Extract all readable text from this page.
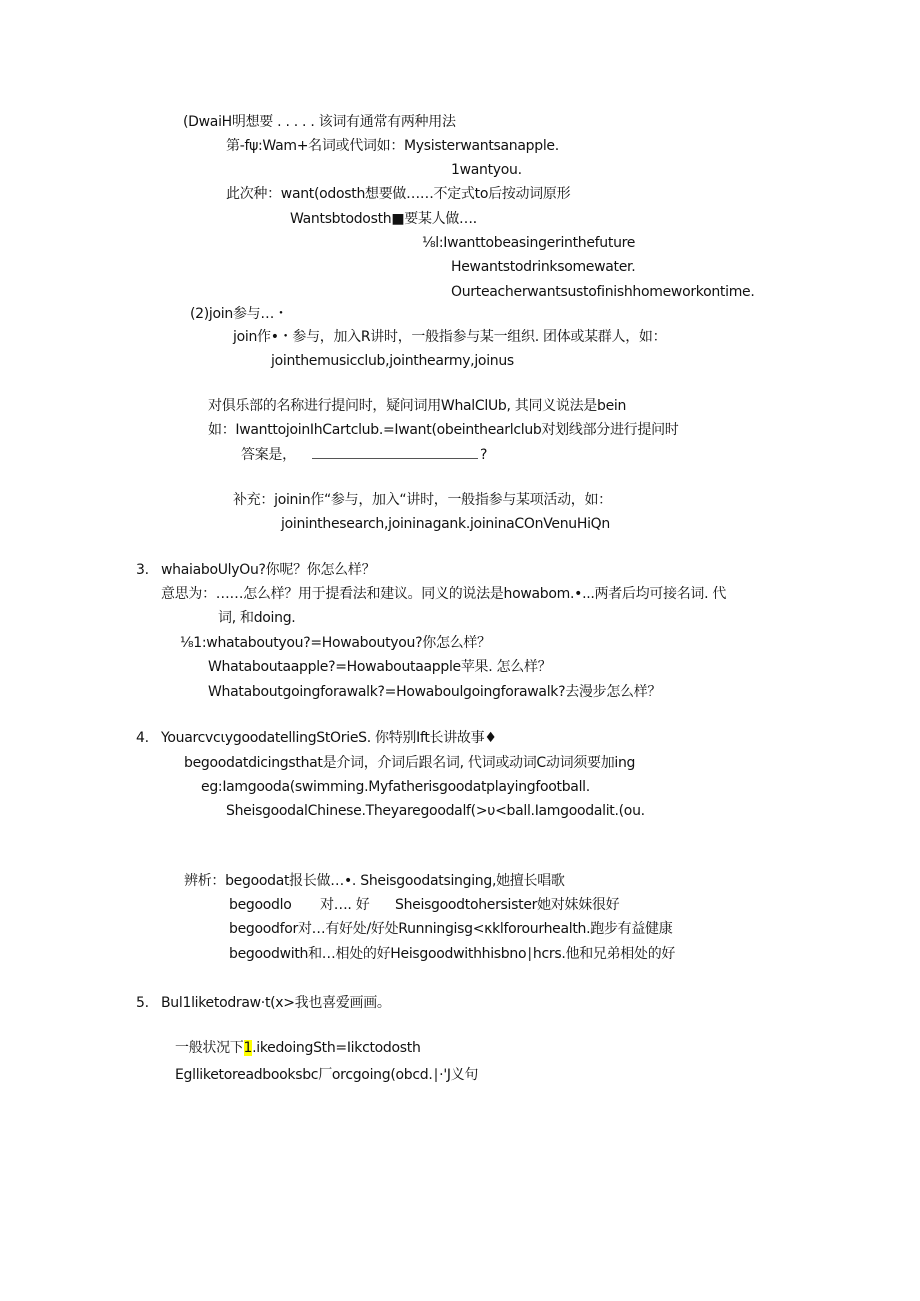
(DwaiH明想要 . . . . . 该词有通常有两种用法
第-fψ:Wam+名词或代词如：Mysisterwantsanapple.
1wantyou.
此次种：want(odosth想要做……不定式to后按动词原形
Wantsbtodosth■要某人做…．
⅛l:Iwanttobeasingerinthefuture
Hewantstodrinksomewater.
Ourteacherwantsustofinishhomeworkontime.
(2)join参与…・
join作•・参与，加入R讲时，一般指参与某一组织. 团体或某群人，如：
jointhemusicclub,jointhearmy,joinus
对俱乐部的名称进行提问时，疑问词用WhalClUb, 其同义说法是bein
如：IwanttojoinIhCartclub.=Iwant(obeinthearlclub对划线部分进行提问时
答案是，	?
补充：joinin作“参与，加入“讲时，一般指参与某项活动，如：
joininthesearch,joininagank.joininaCOnVenuHiQn
3. whaiaboUlyOu?你呢？你怎么样？
意思为：……怎么样？用于提看法和建议。同义的说法是howabom.•...两者后均可接名词. 代
词, 和doing.
⅛1:whataboutyou?=Howaboutyou?你怎么样？
Whataboutaapple?=Howaboutaapple苹果. 怎么样？
Whataboutgoingforawalk?=Howaboulgoingforawalk?去漫步怎么样？
4. YouarcvcιygoodatellingStOrieS. 你特别Ift长讲故事♦
begoodatdicingsthat是介词，介词后跟名词, 代词或动词C动词须要加ing
eg:Iamgooda(swimming.Myfatherisgoodatplayingfootball.
SheisgoodalChinese.Theyaregoodalf(>υ<ball.Iamgoodalit.(οu.
辨析：begoodat报长做…•. Sheisgoodatsinging,她擅长唱歌
begoodlo 对…. 好 Sheisgoodtohersister她对妹妹很好
begoodfor对…有好处/好处Runningisg<κklforourhealth.跑步有益健康
begoodwith和…相处的好Heisgoodwithhisbno∣hcrs.他和兄弟相处的好
5. Bul1liketodraw·t(x>我也喜爱画画。
一般状况下1.ikedoingSth=Iikctodosth
Eglliketoreadbooksbc厂orcgoing(obcd.∣·'J义句
